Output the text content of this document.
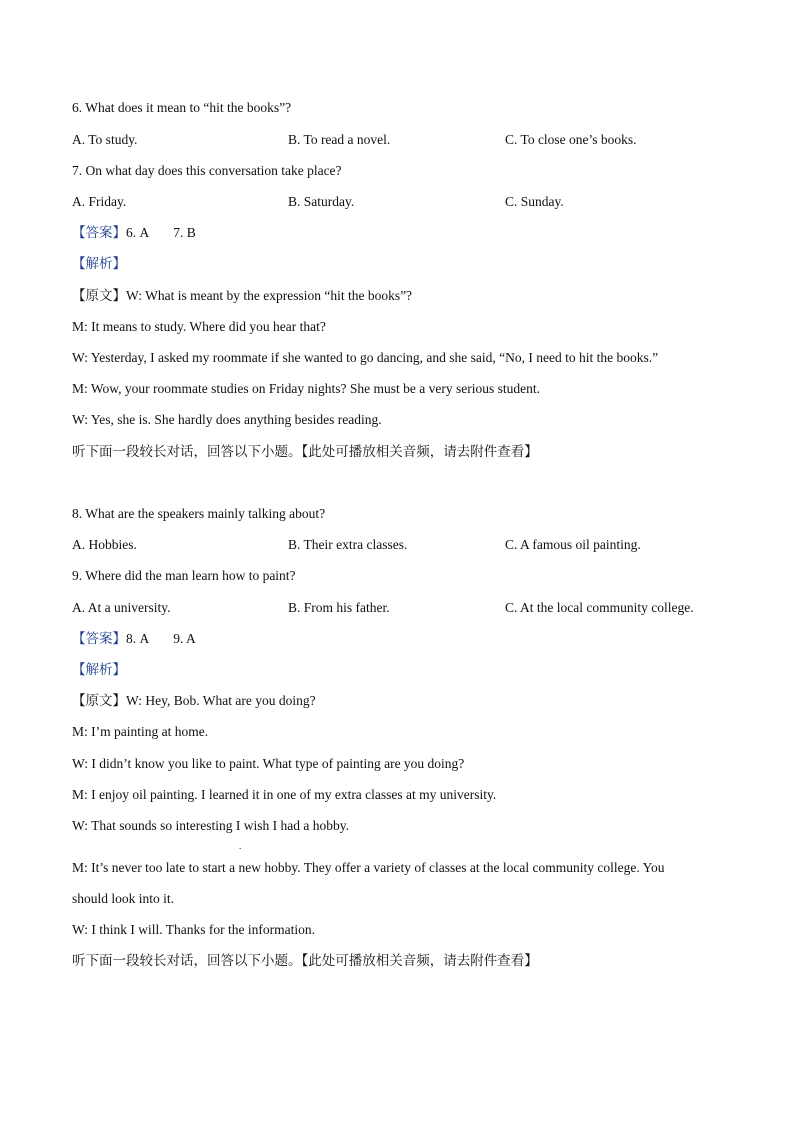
6. What does it mean to “hit the books”?
A. To study.	B. To read a novel.	C. To close one’s books.
7. On what day does this conversation take place?
A. Friday.	B. Saturday.	C. Sunday.
【答案】6. A 7. B
【解析】
【原文】W: What is meant by the expression “hit the books”?
M: It means to study. Where did you hear that?
W: Yesterday, I asked my roommate if she wanted to go dancing, and she said, “No, I need to hit the books.”
M: Wow, your roommate studies on Friday nights? She must be a very serious student.
W: Yes, she is. She hardly does anything besides reading.
听下面一段较长对话，回答以下小题。【此处可播放相关音频，请去附件查看】
8. What are the speakers mainly talking about?
A. Hobbies.	B. Their extra classes.	C. A famous oil painting.
9. Where did the man learn how to paint?
A. At a university.	B. From his father.	C. At the local community college.
【答案】8. A 9. A
【解析】
【原文】W: Hey, Bob. What are you doing?
M: I’m painting at home.
W: I didn’t know you like to paint. What type of painting are you doing?
M: I enjoy oil painting. I learned it in one of my extra classes at my university.
W: That sounds so interesting I wish I had a hobby.
.
M: It’s never too late to start a new hobby. They offer a variety of classes at the local community college. You
should look into it.
W: I think I will. Thanks for the information.
听下面一段较长对话，回答以下小题。【此处可播放相关音频，请去附件查看】
